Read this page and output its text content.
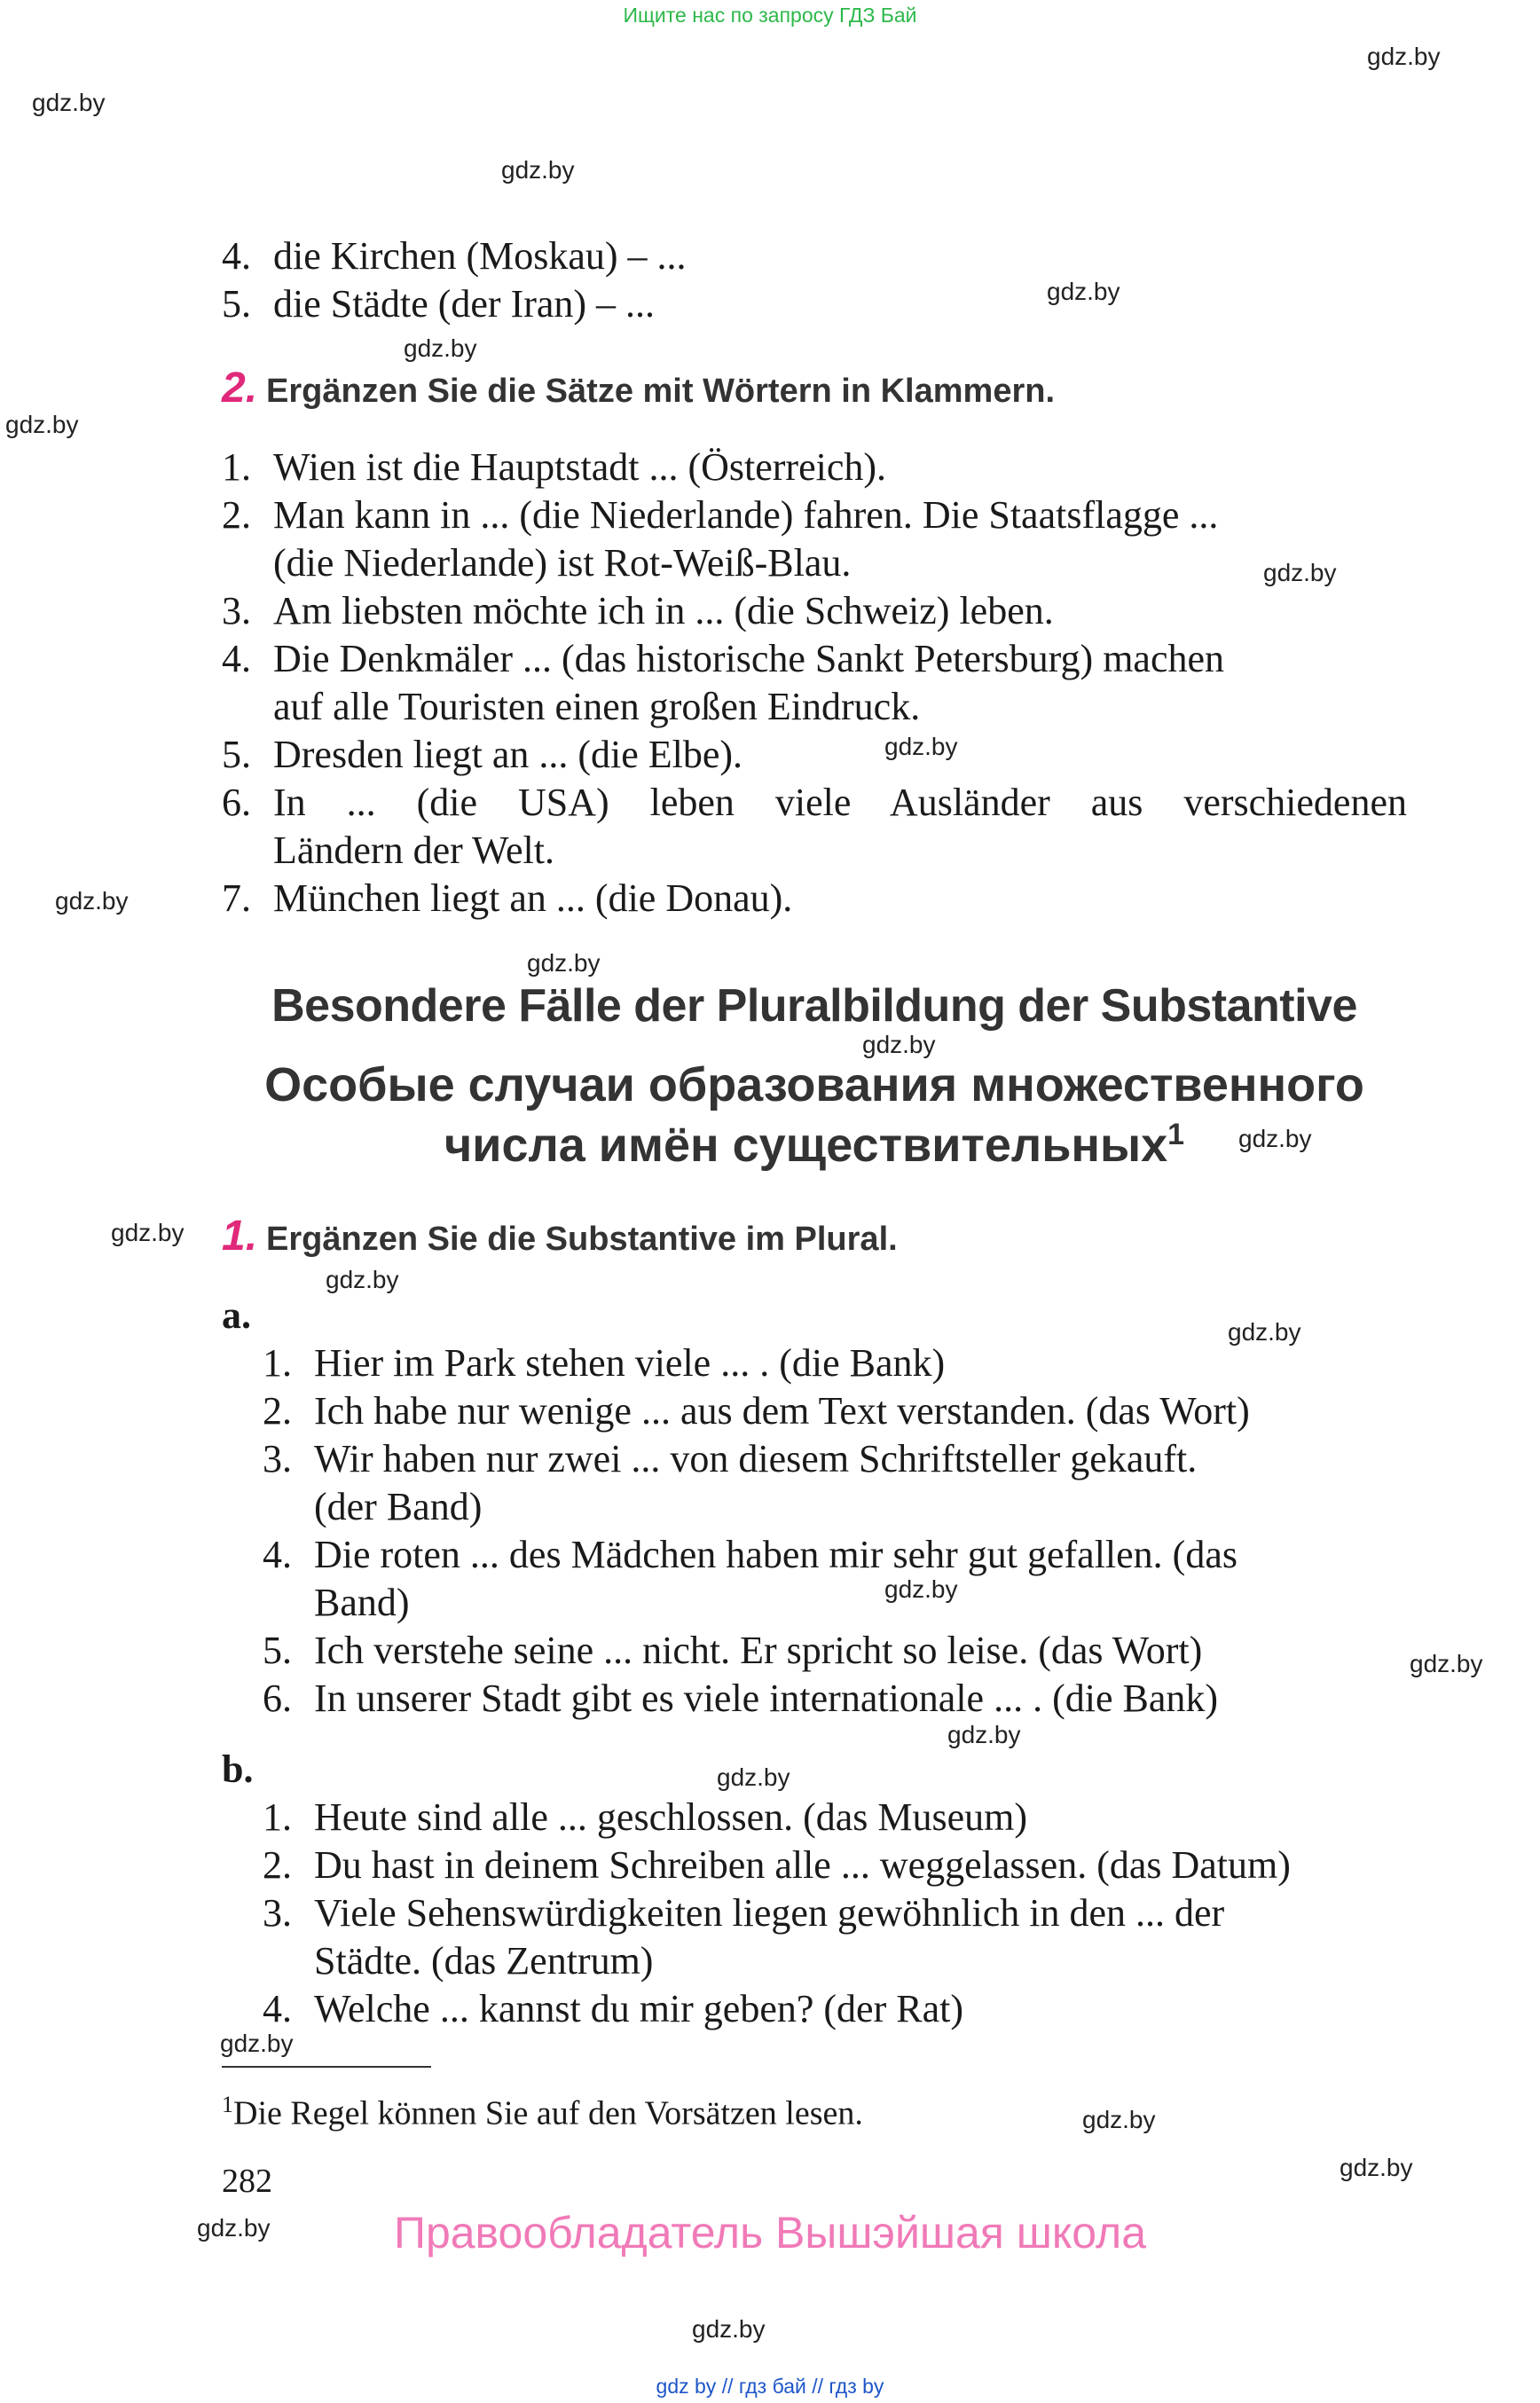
Ищите нас по запросу ГДЗ Бай
gdz.by
gdz.by
gdz.by
gdz.by
gdz.by
gdz.by
gdz.by
gdz.by
gdz.by
gdz.by
gdz.by
gdz.by
gdz.by
gdz.by
gdz.by
gdz.by
gdz.by
gdz.by
gdz.by
gdz.by
gdz.by
gdz.by
gdz.by
gdz.by
4. die Kirchen (Moskau) – ...
5. die Städte (der Iran) – ...
2. Ergänzen Sie die Sätze mit Wörtern in Klammern.
1. Wien ist die Hauptstadt ... (Österreich).
2. Man kann in ... (die Niederlande) fahren. Die Staatsflagge ...
(die Niederlande) ist Rot-Weiß-Blau.
3. Am liebsten möchte ich in ... (die Schweiz) leben.
4. Die Denkmäler ... (das historische Sankt Petersburg) machen
auf alle Touristen einen großen Eindruck.
5. Dresden liegt an ... (die Elbe).
6. In ... (die USA) leben viele Ausländer aus verschiedenen
Ländern der Welt.
7. München liegt an ... (die Donau).
Besondere Fälle der Pluralbildung der Substantive
Особые случаи образования множественного
числа имён существительных$^1$
1. Ergänzen Sie die Substantive im Plural.
a.
1. Hier im Park stehen viele ... . (die Bank)
2. Ich habe nur wenige ... aus dem Text verstanden. (das Wort)
3. Wir haben nur zwei ... von diesem Schriftsteller gekauft.
(der Band)
4. Die roten ... des Mädchen haben mir sehr gut gefallen. (das
Band)
5. Ich verstehe seine ... nicht. Er spricht so leise. (das Wort)
6. In unserer Stadt gibt es viele internationale ... . (die Bank)
b.
1. Heute sind alle ... geschlossen. (das Museum)
2. Du hast in deinem Schreiben alle ... weggelassen. (das Datum)
3. Viele Sehenswürdigkeiten liegen gewöhnlich in den ... der
Städte. (das Zentrum)
4. Welche ... kannst du mir geben? (der Rat)
$^1$Die Regel können Sie auf den Vorsätzen lesen.
282
Правообладатель Вышэйшая школа
gdz by // гдз бай // гдз by
